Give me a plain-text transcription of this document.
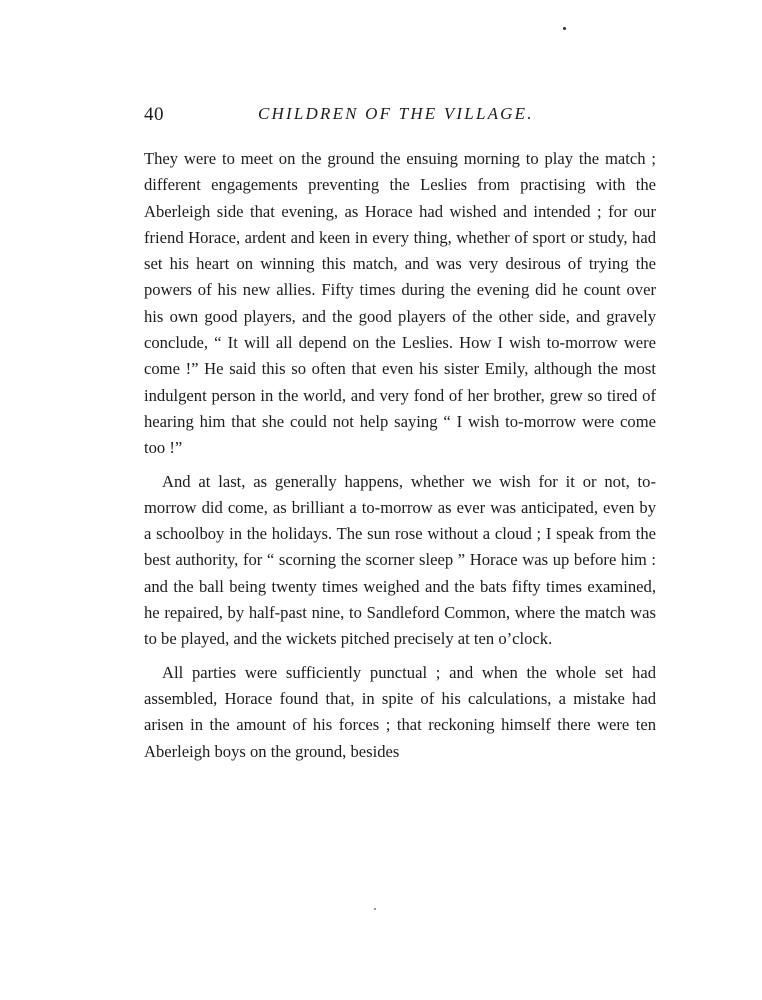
40	CHILDREN OF THE VILLAGE.

They were to meet on the ground the ensuing morning to play the match ; different engagements preventing the Leslies from practising with the Aberleigh side that evening, as Horace had wished and intended ; for our friend Horace, ardent and keen in every thing, whether of sport or study, had set his heart on winning this match, and was very desirous of trying the powers of his new allies. Fifty times during the evening did he count over his own good players, and the good players of the other side, and gravely conclude, “ It will all depend on the Leslies. How I wish to-morrow were come !” He said this so often that even his sister Emily, although the most indulgent person in the world, and very fond of her brother, grew so tired of hearing him that she could not help saying “ I wish to-morrow were come too !”

And at last, as generally happens, whether we wish for it or not, to-morrow did come, as brilliant a to-morrow as ever was anticipated, even by a schoolboy in the holidays. The sun rose without a cloud ; I speak from the best authority, for “ scorning the scorner sleep ” Horace was up before him : and the ball being twenty times weighed and the bats fifty times examined, he repaired, by half-past nine, to Sandleford Common, where the match was to be played, and the wickets pitched precisely at ten o’clock.

All parties were sufficiently punctual ; and when the whole set had assembled, Horace found that, in spite of his calculations, a mistake had arisen in the amount of his forces ; that reckoning himself there were ten Aberleigh boys on the ground, besides
